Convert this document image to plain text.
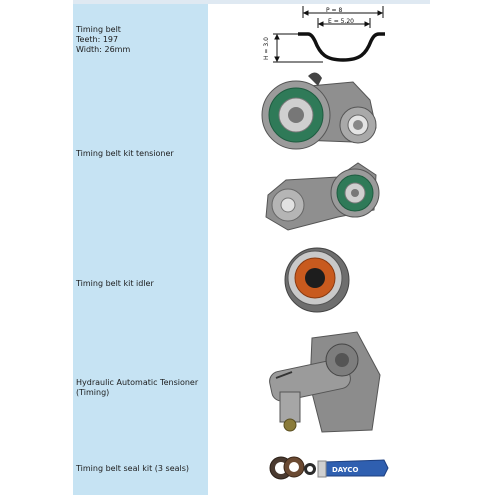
Timing belt
Teeth: 197
Width: 26mm
Timing belt kit tensioner
Timing belt kit idler
Hydraulic Automatic Tensioner
(Timing)
Timing belt seal kit (3 seals)
P = 8
E = 5.20
H = 3.0
DAYCO
